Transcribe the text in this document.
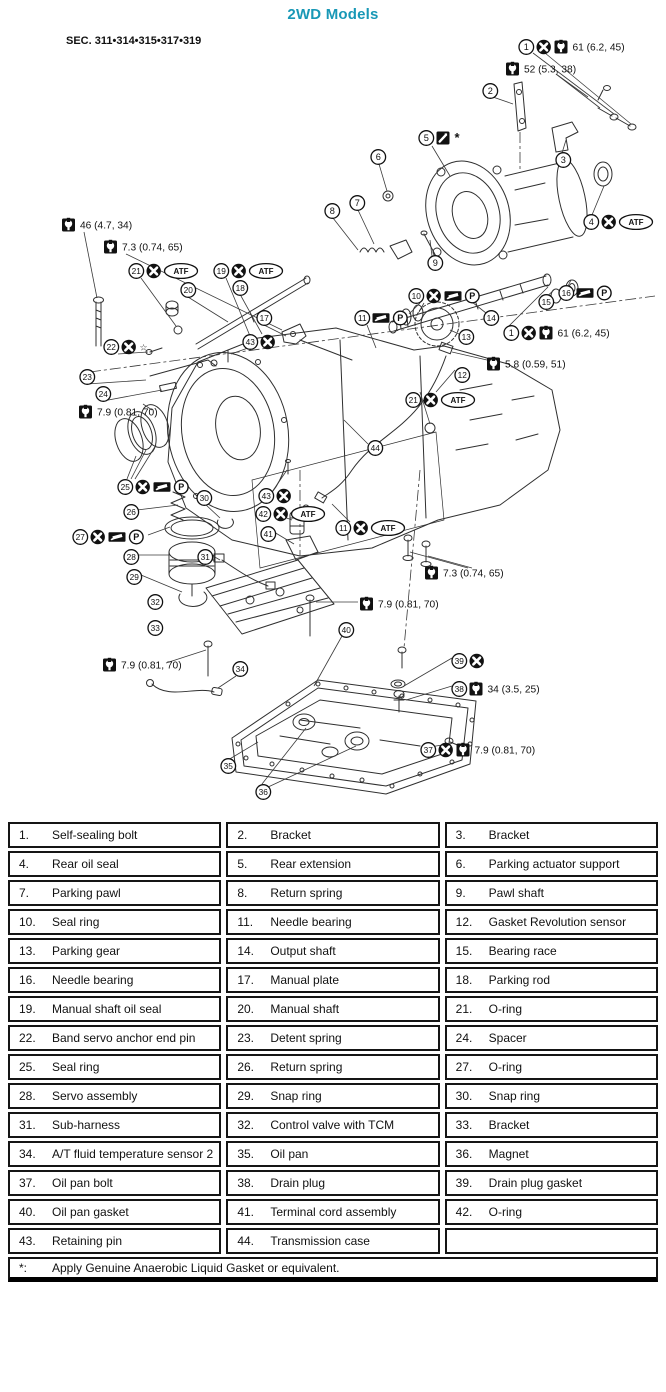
2WD Models
SEC. 311•314•315•317•319
1	61 (6.2, 45)
52 (5.3, 38)
2
3
5 *
6
7
8
9
4	ATF
46 (4.7, 34)
7.3 (0.74, 65)
21	ATF	19	ATF
20	18
17
22	☆
23
24
10	P
11	P
13
14
15
16	P
1	61 (6.2, 45)
5.8 (0.59, 51)
12
21	ATF
7.9 (0.81, 70)
25	P
26
27	P
28
29
30
43
43
42	ATF
41
31
11	ATF
44
7.3 (0.74, 65)
7.9 (0.81, 70)
32
33
7.9 (0.81, 70)	34
40
39
38 34 (3.5, 25)
35
36
37	7.9 (0.81, 70)
1.	Self-sealing bolt	2.	Bracket	3.	Bracket
4.	Rear oil seal	5.	Rear extension	6.	Parking actuator support
7.	Parking pawl	8.	Return spring	9.	Pawl shaft
10.	Seal ring	11.	Needle bearing	12.	Gasket Revolution sensor
13.	Parking gear	14.	Output shaft	15.	Bearing race
16.	Needle bearing	17.	Manual plate	18.	Parking rod
19.	Manual shaft oil seal	20.	Manual shaft	21.	O-ring
22.	Band servo anchor end pin	23.	Detent spring	24.	Spacer
25.	Seal ring	26.	Return spring	27.	O-ring
28.	Servo assembly	29.	Snap ring	30.	Snap ring
31.	Sub-harness	32.	Control valve with TCM	33.	Bracket
34.	A/T fluid temperature sensor 2	35.	Oil pan	36.	Magnet
37.	Oil pan bolt	38.	Drain plug	39.	Drain plug gasket
40.	Oil pan gasket	41.	Terminal cord assembly	42.	O-ring
43.	Retaining pin	44.	Transmission case
*:	Apply Genuine Anaerobic Liquid Gasket or equivalent.
